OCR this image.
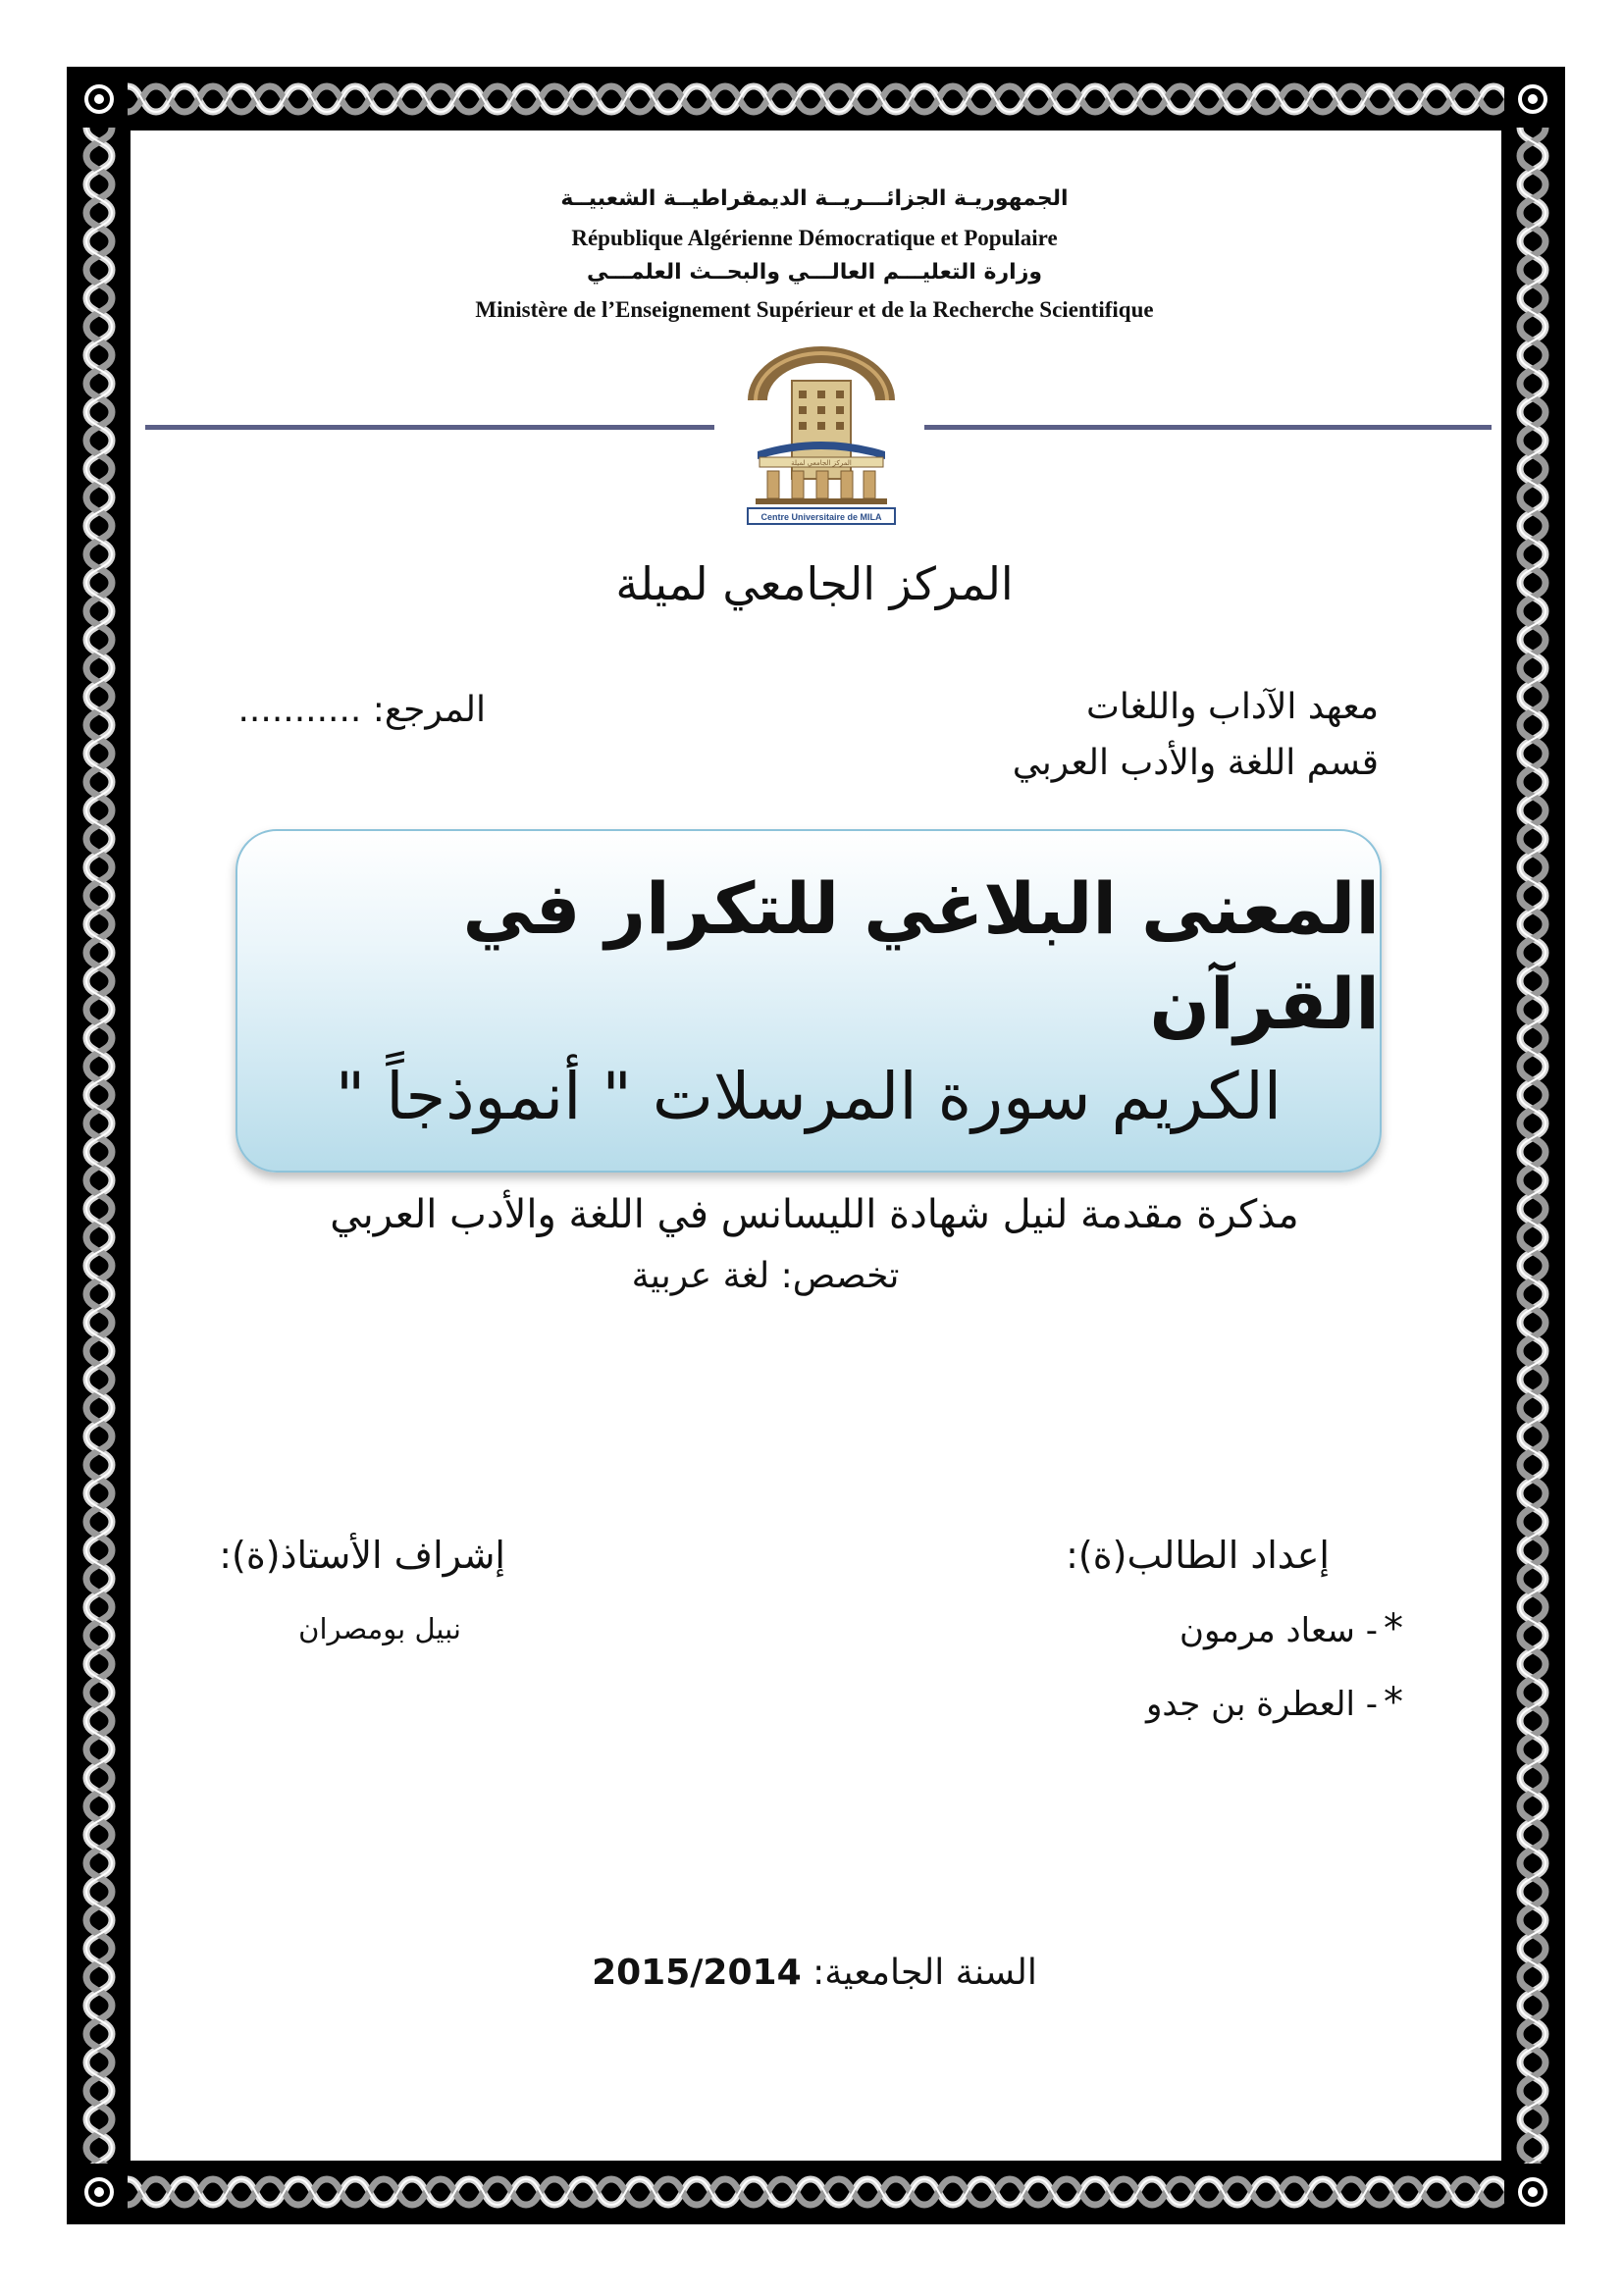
الجمهوريـة الجزائـــريــة الديمقراطيــة الشعبيــة
République Algérienne Démocratique et Populaire
وزارة التعليـــم العالـــي والبحــث العلمـــي
Ministère de l’Enseignement Supérieur et de la Recherche Scientifique
المركز الجامعي لميلة
Centre Universitaire de MILA
المركز الجامعي لميلة
معهد الآداب واللغات
قسم اللغة والأدب العربي
المرجع: ...........
المعنى البلاغي للتكرار في القرآن
الكريم سورة المرسلات " أنموذجاً "
مذكرة مقدمة لنيل شهادة الليسانس في اللغة والأدب العربي
تخصص: لغة عربية
إعداد الطالب(ة):
إشراف الأستاذ(ة):
*- سعاد مرمون
*- العطرة بن جدو
نبيل بومصران
السنة الجامعية: 2015/2014
